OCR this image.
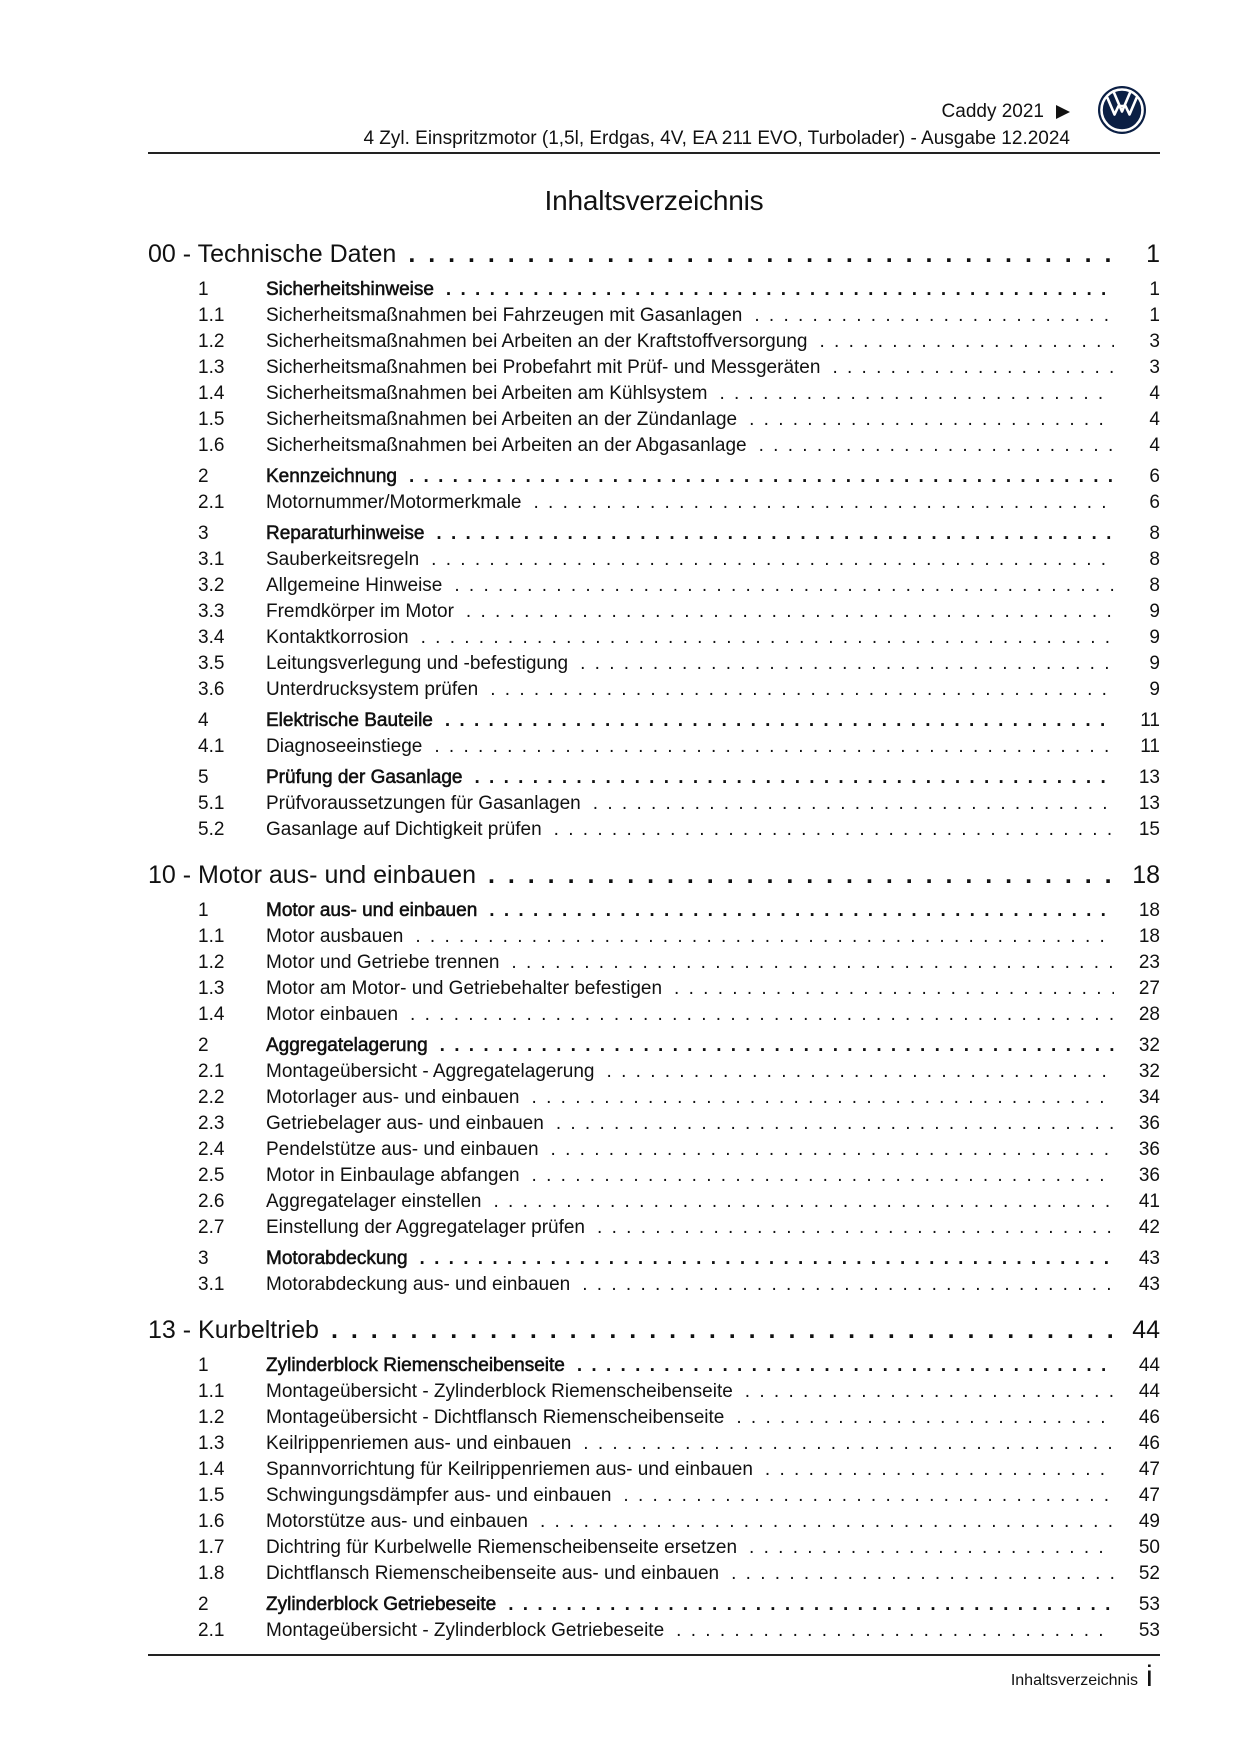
Caddy 2021
4 Zyl. Einspritzmotor (1,5l, Erdgas, 4V, EA 211 EVO, Turbolader) - Ausgabe 12.2024
Inhaltsverzeichnis
00 - Technische Daten . . .	1
1	Sicherheitshinweise . . .	1
1.1	Sicherheitsmaßnahmen bei Fahrzeugen mit Gasanlagen . . .	1
1.2	Sicherheitsmaßnahmen bei Arbeiten an der Kraftstoffversorgung . . .	3
1.3	Sicherheitsmaßnahmen bei Probefahrt mit Prüf- und Messgeräten . . .	3
1.4	Sicherheitsmaßnahmen bei Arbeiten am Kühlsystem . . .	4
1.5	Sicherheitsmaßnahmen bei Arbeiten an der Zündanlage . . .	4
1.6	Sicherheitsmaßnahmen bei Arbeiten an der Abgasanlage . . .	4
2	Kennzeichnung . . .	6
2.1	Motornummer/Motormerkmale . . .	6
3	Reparaturhinweise . . .	8
3.1	Sauberkeitsregeln . . .	8
3.2	Allgemeine Hinweise . . .	8
3.3	Fremdkörper im Motor . . .	9
3.4	Kontaktkorrosion . . .	9
3.5	Leitungsverlegung und -befestigung . . .	9
3.6	Unterdrucksystem prüfen . . .	9
4	Elektrische Bauteile . . .	11
4.1	Diagnoseeinstiege . . .	11
5	Prüfung der Gasanlage . . .	13
5.1	Prüfvoraussetzungen für Gasanlagen . . .	13
5.2	Gasanlage auf Dichtigkeit prüfen . . .	15
10 - Motor aus- und einbauen . . .	18
1	Motor aus- und einbauen . . .	18
1.1	Motor ausbauen . . .	18
1.2	Motor und Getriebe trennen . . .	23
1.3	Motor am Motor- und Getriebehalter befestigen . . .	27
1.4	Motor einbauen . . .	28
2	Aggregatelagerung . . .	32
2.1	Montageübersicht - Aggregatelagerung . . .	32
2.2	Motorlager aus- und einbauen . . .	34
2.3	Getriebelager aus- und einbauen . . .	36
2.4	Pendelstütze aus- und einbauen . . .	36
2.5	Motor in Einbaulage abfangen . . .	36
2.6	Aggregatelager einstellen . . .	41
2.7	Einstellung der Aggregatelager prüfen . . .	42
3	Motorabdeckung . . .	43
3.1	Motorabdeckung aus- und einbauen . . .	43
13 - Kurbeltrieb . . .	44
1	Zylinderblock Riemenscheibenseite . . .	44
1.1	Montageübersicht - Zylinderblock Riemenscheibenseite . . .	44
1.2	Montageübersicht - Dichtflansch Riemenscheibenseite . . .	46
1.3	Keilrippenriemen aus- und einbauen . . .	46
1.4	Spannvorrichtung für Keilrippenriemen aus- und einbauen . . .	47
1.5	Schwingungsdämpfer aus- und einbauen . . .	47
1.6	Motorstütze aus- und einbauen . . .	49
1.7	Dichtring für Kurbelwelle Riemenscheibenseite ersetzen . . .	50
1.8	Dichtflansch Riemenscheibenseite aus- und einbauen . . .	52
2	Zylinderblock Getriebeseite . . .	53
2.1	Montageübersicht - Zylinderblock Getriebeseite . . .	53
Inhaltsverzeichnis i
